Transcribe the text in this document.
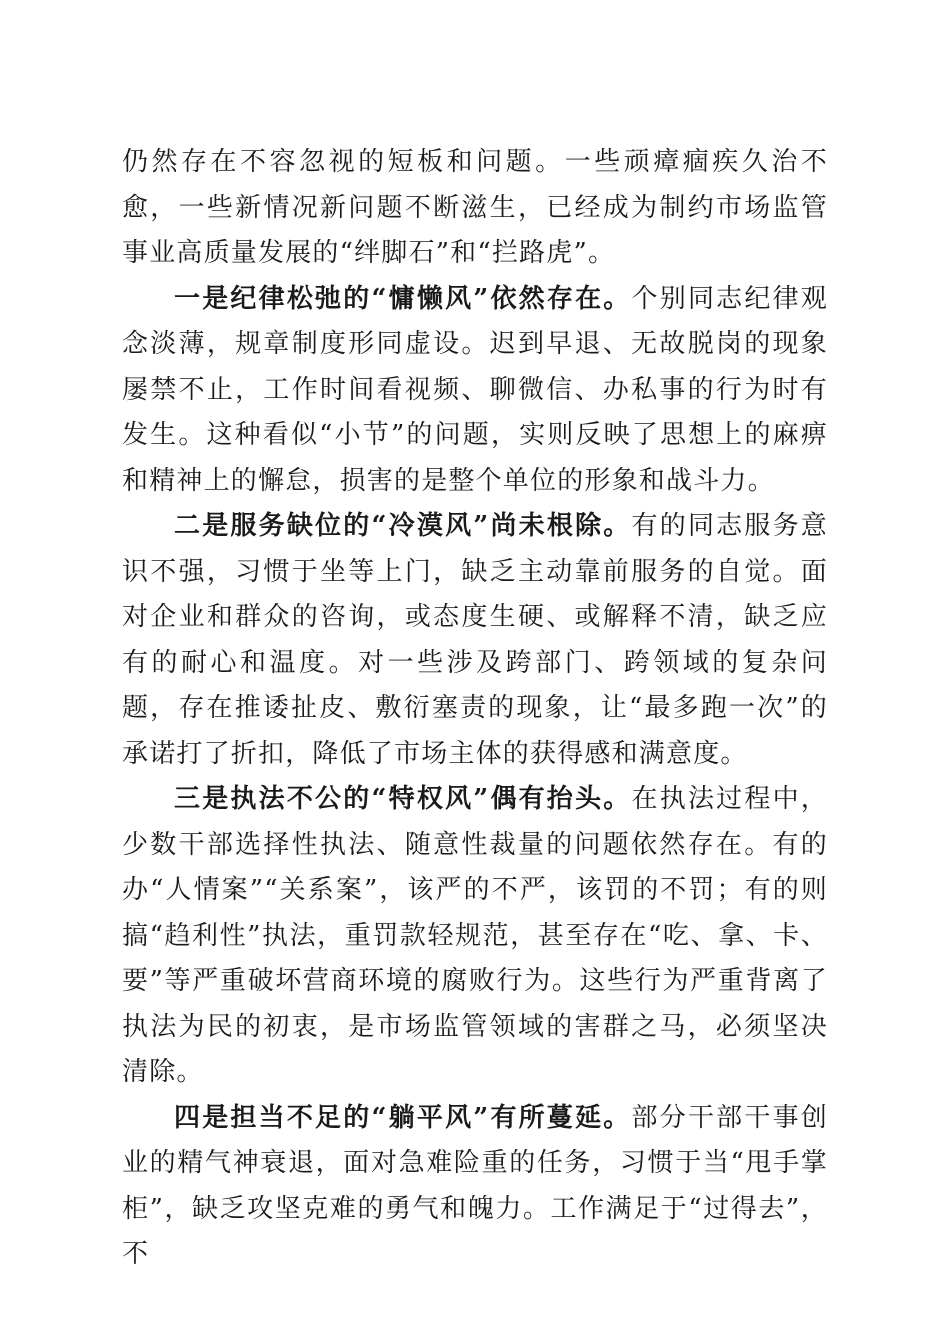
仍然存在不容忽视的短板和问题。一些顽瘴痼疾久治不愈，一些新情况新问题不断滋生，已经成为制约市场监管事业高质量发展的“绊脚石”和“拦路虎”。

一是纪律松弛的“慵懒风”依然存在。个别同志纪律观念淡薄，规章制度形同虚设。迟到早退、无故脱岗的现象屡禁不止，工作时间看视频、聊微信、办私事的行为时有发生。这种看似“小节”的问题，实则反映了思想上的麻痹和精神上的懈怠，损害的是整个单位的形象和战斗力。

二是服务缺位的“冷漠风”尚未根除。有的同志服务意识不强，习惯于坐等上门，缺乏主动靠前服务的自觉。面对企业和群众的咨询，或态度生硬、或解释不清，缺乏应有的耐心和温度。对一些涉及跨部门、跨领域的复杂问题，存在推诿扯皮、敷衍塞责的现象，让“最多跑一次”的承诺打了折扣，降低了市场主体的获得感和满意度。

三是执法不公的“特权风”偶有抬头。在执法过程中，少数干部选择性执法、随意性裁量的问题依然存在。有的办“人情案”“关系案”，该严的不严，该罚的不罚；有的则搞“趋利性”执法，重罚款轻规范，甚至存在“吃、拿、卡、要”等严重破坏营商环境的腐败行为。这些行为严重背离了执法为民的初衷，是市场监管领域的害群之马，必须坚决清除。

四是担当不足的“躺平风”有所蔓延。部分干部干事创业的精气神衰退，面对急难险重的任务，习惯于当“甩手掌柜”，缺乏攻坚克难的勇气和魄力。工作满足于“过得去”，不
